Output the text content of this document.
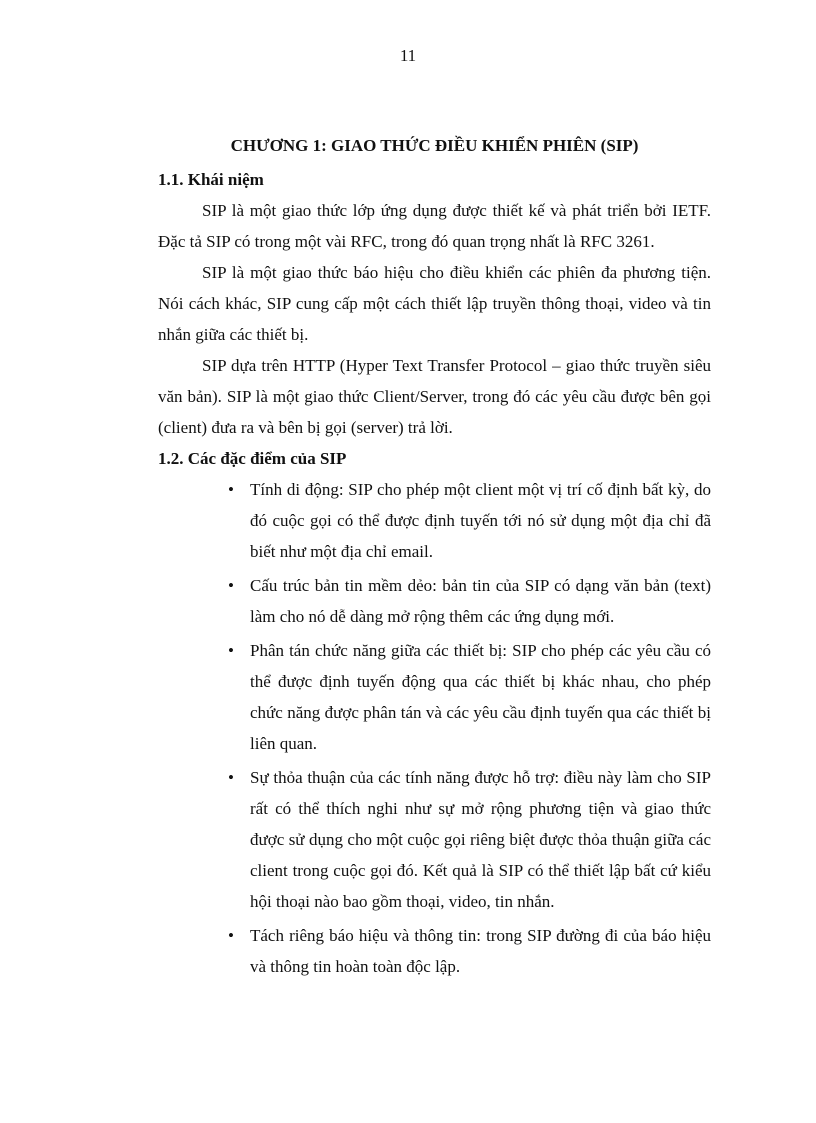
11
CHƯƠNG 1: GIAO THỨC ĐIỀU KHIỂN PHIÊN (SIP)
1.1. Khái niệm

SIP là một giao thức lớp ứng dụng được thiết kế và phát triển bởi IETF. Đặc tả SIP có trong một vài RFC, trong đó quan trọng nhất là RFC 3261.

SIP là một giao thức báo hiệu cho điều khiển các phiên đa phương tiện. Nói cách khác, SIP cung cấp một cách thiết lập truyền thông thoại, video và tin nhắn giữa các thiết bị.

SIP dựa trên HTTP (Hyper Text Transfer Protocol – giao thức truyền siêu văn bản). SIP là một giao thức Client/Server, trong đó các yêu cầu được bên gọi (client) đưa ra và bên bị gọi (server) trả lời.

1.2. Các đặc điểm của SIP
• Tính di động: SIP cho phép một client một vị trí cố định bất kỳ, do đó cuộc gọi có thể được định tuyến tới nó sử dụng một địa chỉ đã biết như một địa chỉ email.
• Cấu trúc bản tin mềm dẻo: bản tin của SIP có dạng văn bản (text) làm cho nó dễ dàng mở rộng thêm các ứng dụng mới.
• Phân tán chức năng giữa các thiết bị: SIP cho phép các yêu cầu có thể được định tuyến động qua các thiết bị khác nhau, cho phép chức năng được phân tán và các yêu cầu định tuyến qua các thiết bị liên quan.
• Sự thỏa thuận của các tính năng được hỗ trợ: điều này làm cho SIP rất có thể thích nghi như sự mở rộng phương tiện và giao thức được sử dụng cho một cuộc gọi riêng biệt được thỏa thuận giữa các client trong cuộc gọi đó. Kết quả là SIP có thể thiết lập bất cứ kiểu hội thoại nào bao gồm thoại, video, tin nhắn.
• Tách riêng báo hiệu và thông tin: trong SIP đường đi của báo hiệu và thông tin hoàn toàn độc lập.
